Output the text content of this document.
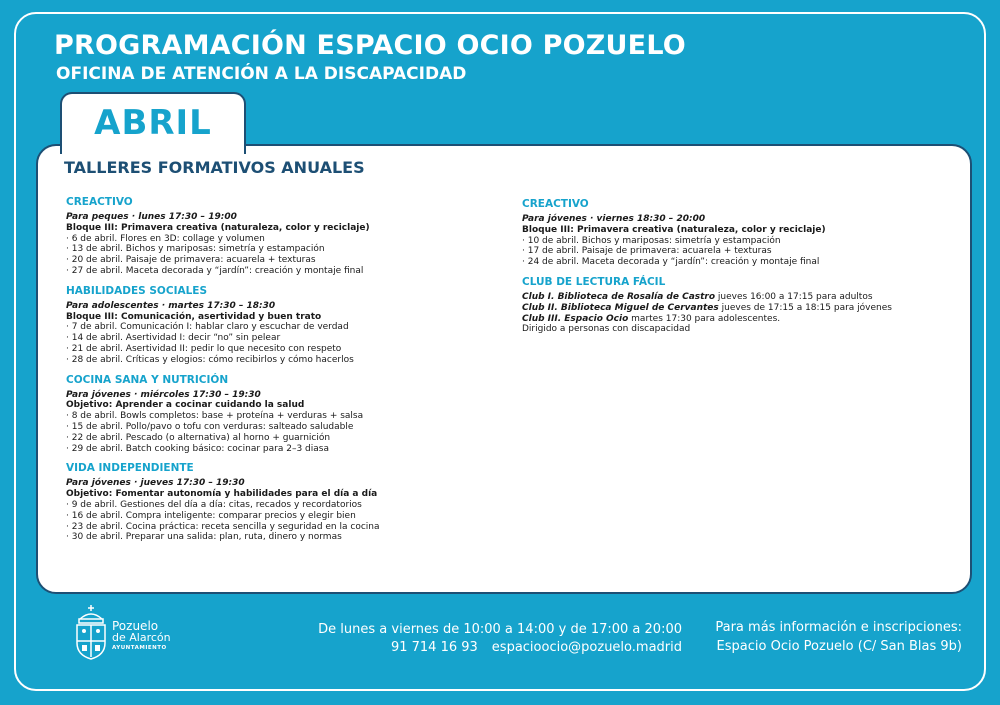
PROGRAMACIÓN ESPACIO OCIO POZUELO
OFICINA DE ATENCIÓN A LA DISCAPACIDAD
ABRIL
TALLERES FORMATIVOS ANUALES
CREACTIVO
Para peques · lunes 17:30 – 19:00
Bloque III: Primavera creativa (naturaleza, color y reciclaje)
· 6 de abril. Flores en 3D: collage y volumen
· 13 de abril. Bichos y mariposas: simetría y estampación
· 20 de abril. Paisaje de primavera: acuarela + texturas
· 27 de abril. Maceta decorada y “jardín”: creación y montaje final
HABILIDADES SOCIALES
Para adolescentes · martes 17:30 – 18:30
Bloque III: Comunicación, asertividad y buen trato
· 7 de abril. Comunicación I: hablar claro y escuchar de verdad
· 14 de abril. Asertividad I: decir “no” sin pelear
· 21 de abril. Asertividad II: pedir lo que necesito con respeto
· 28 de abril. Críticas y elogios: cómo recibirlos y cómo hacerlos
COCINA SANA Y NUTRICIÓN
Para jóvenes · miércoles 17:30 – 19:30
Objetivo: Aprender a cocinar cuidando la salud
· 8 de abril. Bowls completos: base + proteína + verduras + salsa
· 15 de abril. Pollo/pavo o tofu con verduras: salteado saludable
· 22 de abril. Pescado (o alternativa) al horno + guarnición
· 29 de abril. Batch cooking básico: cocinar para 2–3 diasa
VIDA INDEPENDIENTE
Para jóvenes · jueves 17:30 – 19:30
Objetivo: Fomentar autonomía y habilidades para el día a día
· 9 de abril. Gestiones del día a día: citas, recados y recordatorios
· 16 de abril. Compra inteligente: comparar precios y elegir bien
· 23 de abril. Cocina práctica: receta sencilla y seguridad en la cocina
· 30 de abril. Preparar una salida: plan, ruta, dinero y normas
CREACTIVO
Para jóvenes · viernes 18:30 – 20:00
Bloque III: Primavera creativa (naturaleza, color y reciclaje)
· 10 de abril. Bichos y mariposas: simetría y estampación
· 17 de abril. Paisaje de primavera: acuarela + texturas
· 24 de abril. Maceta decorada y “jardín”: creación y montaje final
CLUB DE LECTURA FÁCIL
Club I. Biblioteca de Rosalía de Castro jueves 16:00 a 17:15 para adultos
Club II. Biblioteca Miguel de Cervantes jueves de 17:15 a 18:15 para jóvenes
Club III. Espacio Ocio martes 17:30 para adolescentes.
Dirigido a personas con discapacidad
Pozuelo
de Alarcón
AYUNTAMIENTO
De lunes a viernes de 10:00 a 14:00 y de 17:00 a 20:00
91 714 16 93 espacioocio@pozuelo.madrid
Para más información e inscripciones:
Espacio Ocio Pozuelo (C/ San Blas 9b)
